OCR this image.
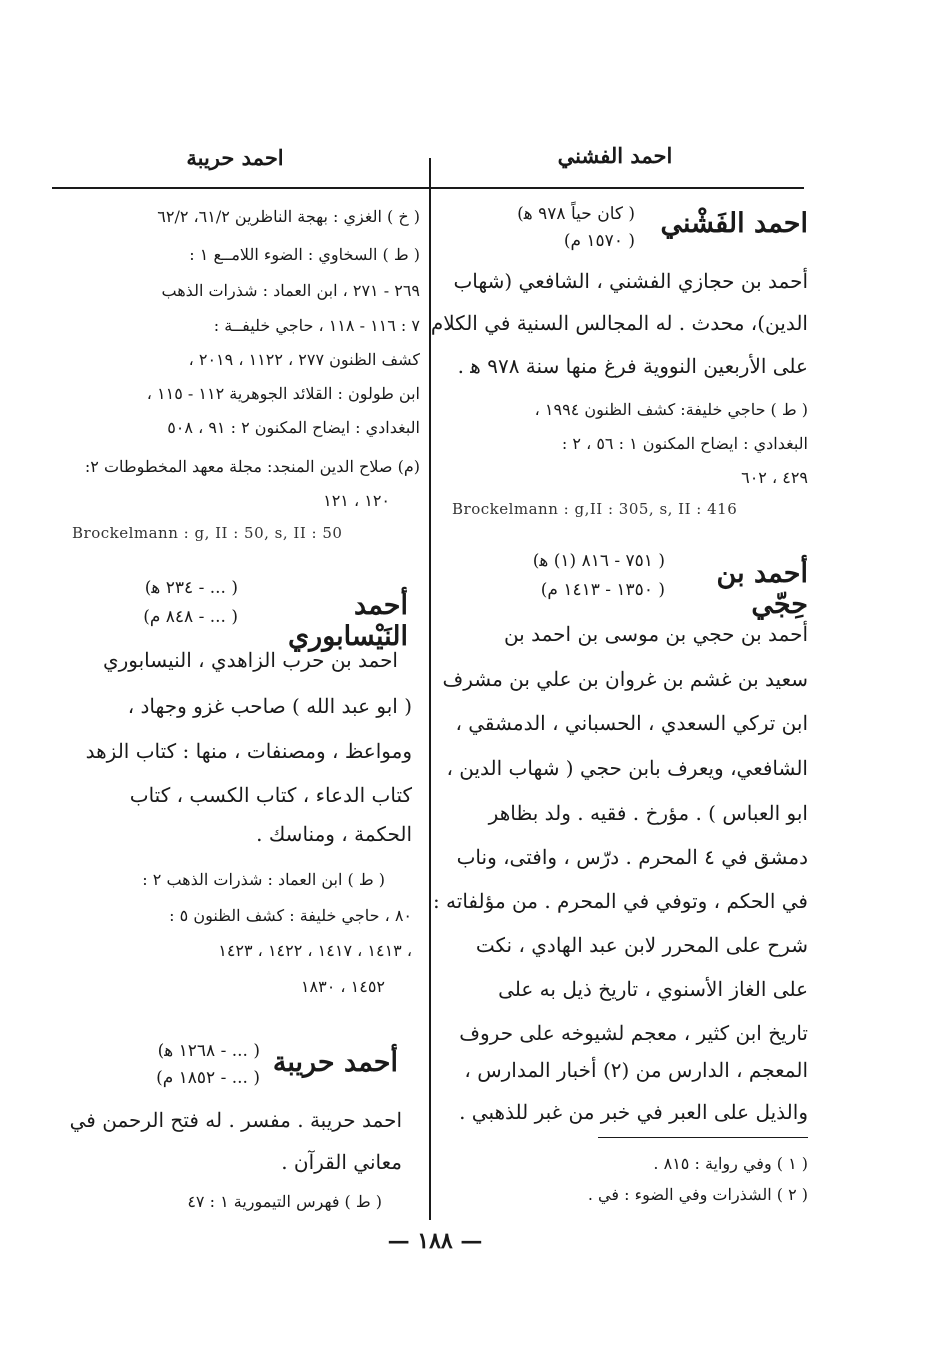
احمد الفشني
احمد حريبة
احمد الفَشْني
( كان حياً ٩٧٨ ﻫ)
( ١٥٧٠ م)
أحمد بن حجازي الفشني ، الشافعي (شهاب
الدين)، محدث . له المجالس السنية في الكلام
على الأربعين النووية فرغ منها سنة ٩٧٨ ﻫ .
( ط ) حاجي خليفة: كشف الظنون ١٩٩٤ ،
البغدادي : ايضاح المكنون ١ : ٥٦ ، ٢ :
٤٢٩ ، ٦٠٢
Brockelmann : g,II : 305, s, II : 416
أحمد بن حِجّي
( ٧٥١ - ٨١٦ (١) ﻫ)
( ١٣٥٠ - ١٤١٣ م)
أحمد بن حجي بن موسى بن احمد بن
سعيد بن غشم بن غروان بن علي بن مشرف
ابن تركي السعدي ، الحسباني ، الدمشقي ،
الشافعي، ويعرف بابن حجي ( شهاب الدين ،
ابو العباس ) . مؤرخ . فقيه . ولد بظاهر
دمشق في ٤ المحرم . درّس ، وافتى، وناب
في الحكم ، وتوفي في المحرم . من مؤلفاته :
شرح على المحرر لابن عبد الهادي ، نكت
على الغاز الأسنوي ، تاريخ ذيل به على
تاريخ ابن كثير ، معجم لشيوخه على حروف
المعجم ، الدارس من (٢) أخبار المدارس ،
والذيل على العبر في خبر من غبر للذهبي .
( ١ ) وفي رواية : ٨١٥ .
( ٢ ) الشذرات وفي الضوء : في .
( خ ) الغزي : بهجة الناظرين ٦١/٢، ٦٢/٢
( ط ) السخاوي : الضوء اللامــع ١ :
٢٦٩ - ٢٧١ ، ابن العماد : شذرات الذهب
٧ : ١١٦ - ١١٨ ، حاجي خليفــة :
كشف الظنون ٢٧٧ ، ١١٢٢ ، ٢٠١٩ ،
ابن طولون : القلائد الجوهرية ١١٢ - ١١٥ ،
البغدادي : ايضاح المكنون ٢ : ٩١ ، ٥٠٨
(م) صلاح الدين المنجد: مجلة معهد المخطوطات ٢:
١٢٠ ، ١٢١
Brockelmann : g, II : 50, s, II : 50
أحمد النَيْسابوري
( ... - ٢٣٤ ﻫ)
( ... - ٨٤٨ م)
احمد بن حرب الزاهدي ، النيسابوري
( ابو عبد الله ) صاحب غزو وجهاد ،
ومواعظ ، ومصنفات ، منها : كتاب الزهد
كتاب الدعاء ، كتاب الكسب ، كتاب
الحكمة ، ومناسك .
( ط ) ابن العماد : شذرات الذهب ٢ :
٨٠ ، حاجي خليفة : كشف الظنون ٥ :
١٤١٣ ، ١٤١٧ ، ١٤٢٢ ، ١٤٢٣ ،
١٤٥٢ ، ١٨٣٠
أحمد حريبة
( ... - ١٢٦٨ ﻫ)
( ... - ١٨٥٢ م)
احمد حريبة . مفسر . له فتح الرحمن في
معاني القرآن .
( ط ) فهرس التيمورية ١ : ٤٧
— ١٨٨ —
